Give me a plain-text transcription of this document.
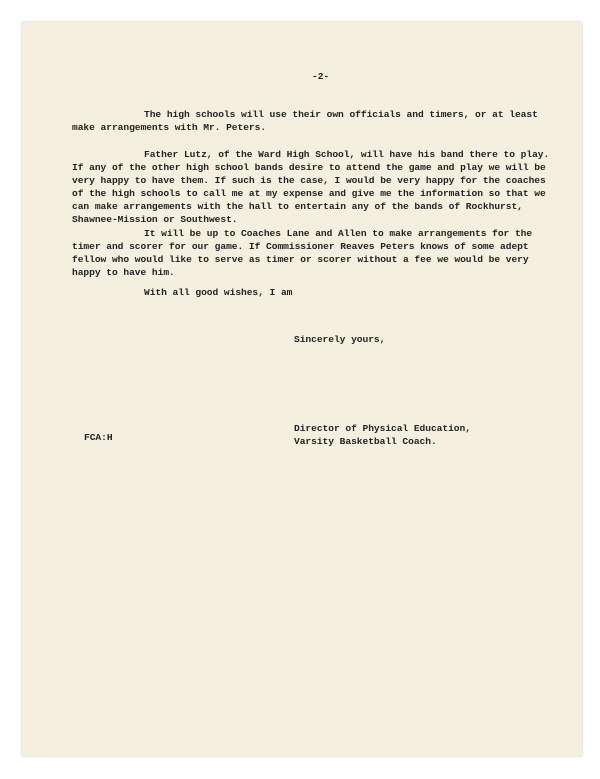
-2-
The high schools will use their own officials and timers, or at least
make arrangements with Mr. Peters.
Father Lutz, of the Ward High School, will have his band there to play.
If any of the other high school bands desire to attend the game and play we will be
very happy to have them. If such is the case, I would be very happy for the coaches
of the high schools to call me at my expense and give me the information so that we
can make arrangements with the hall to entertain any of the bands of Rockhurst,
Shawnee-Mission or Southwest.
It will be up to Coaches Lane and Allen to make arrangements for the
timer and scorer for our game. If Commissioner Reaves Peters knows of some adept
fellow who would like to serve as timer or scorer without a fee we would be very
happy to have him.
With all good wishes, I am
Sincerely yours,
Director of Physical Education,
Varsity Basketball Coach.
FCA:H
